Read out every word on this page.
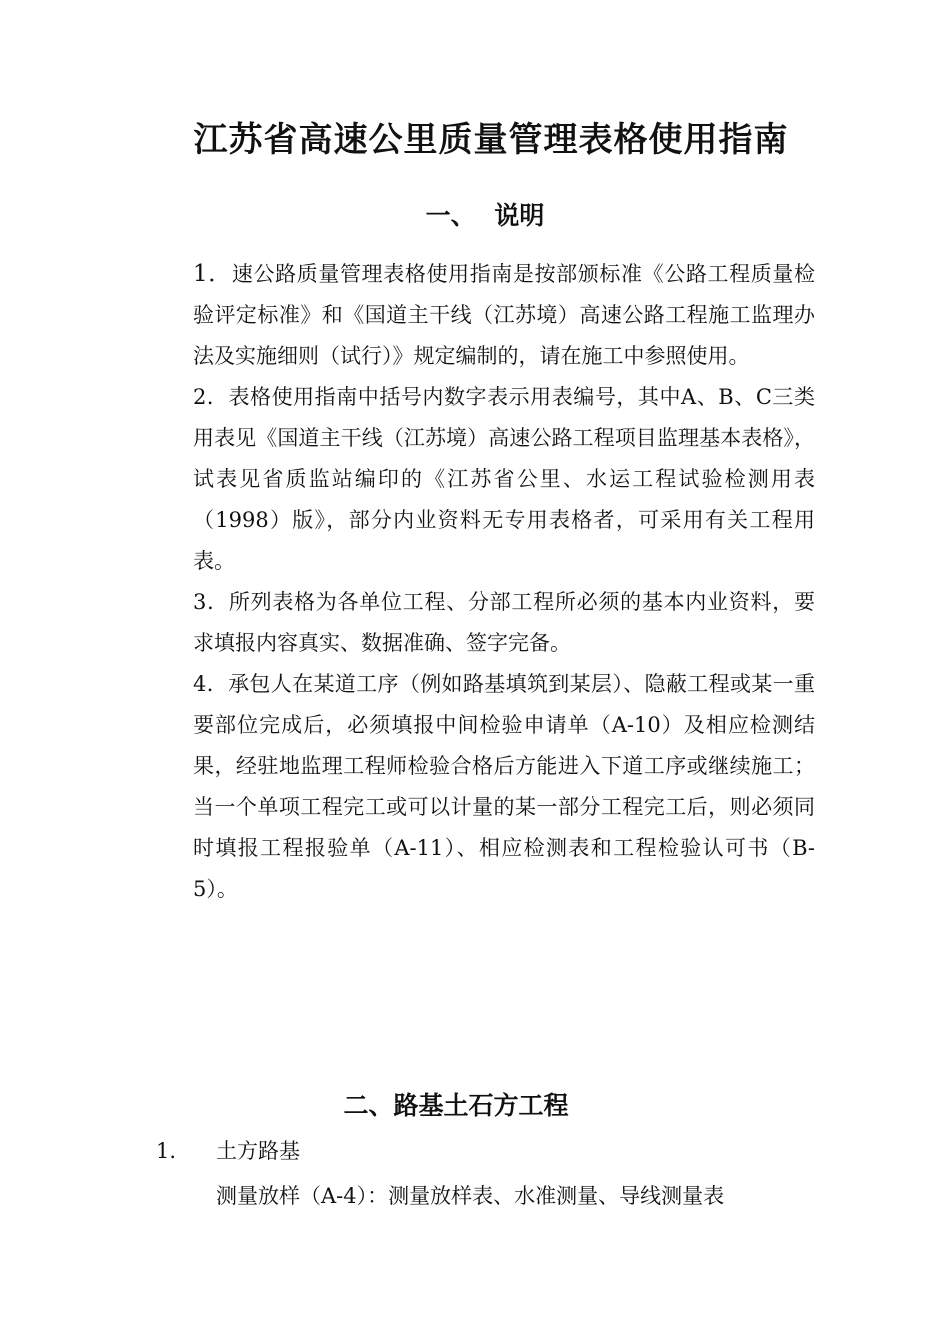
江苏省高速公里质量管理表格使用指南
一、 说明

1．速公路质量管理表格使用指南是按部颁标准《公路工程质量检验评定标准》和《国道主干线（江苏境）高速公路工程施工监理办法及实施细则（试行）》规定编制的，请在施工中参照使用。

2．表格使用指南中括号内数字表示用表编号，其中A、B、C三类用表见《国道主干线（江苏境）高速公路工程项目监理基本表格》，试表见省质监站编印的《江苏省公里、水运工程试验检测用表（1998）版》，部分内业资料无专用表格者，可采用有关工程用表。

3．所列表格为各单位工程、分部工程所必须的基本内业资料，要求填报内容真实、数据准确、签字完备。

4．承包人在某道工序（例如路基填筑到某层）、隐蔽工程或某一重要部位完成后，必须填报中间检验申请单（A-10）及相应检测结果，经驻地监理工程师检验合格后方能进入下道工序或继续施工；当一个单项工程完工或可以计量的某一部分工程完工后，则必须同时填报工程报验单（A-11）、相应检测表和工程检验认可书（B-5）。

二、路基土石方工程
1. 土方路基
测量放样（A-4）：测量放样表、水准测量、导线测量表
